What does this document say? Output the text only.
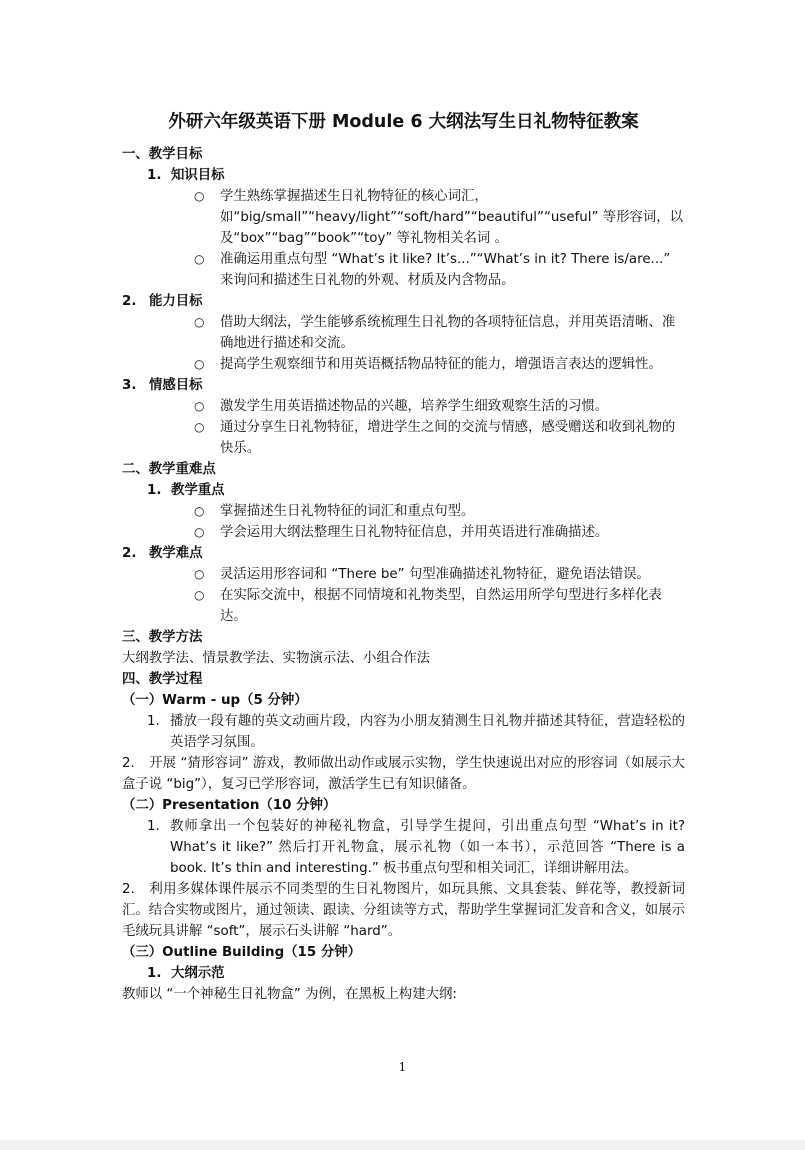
外研六年级英语下册 Module 6 大纲法写生日礼物特征教案
一、教学目标
1. 知识目标
○ 学生熟练掌握描述生日礼物特征的核心词汇，如“big/small”“heavy/light”“soft/hard”“beautiful”“useful” 等形容词，以及“box”“bag”“book”“toy” 等礼物相关名词 。
○ 准确运用重点句型 “What’s it like? It’s...”“What’s in it? There is/are...” 来询问和描述生日礼物的外观、材质及内含物品。
2. 能力目标
○ 借助大纲法，学生能够系统梳理生日礼物的各项特征信息，并用英语清晰、准确地进行描述和交流。
○ 提高学生观察细节和用英语概括物品特征的能力，增强语言表达的逻辑性。
3. 情感目标
○ 激发学生用英语描述物品的兴趣，培养学生细致观察生活的习惯。
○ 通过分享生日礼物特征，增进学生之间的交流与情感，感受赠送和收到礼物的快乐。
二、教学重难点
1. 教学重点
○ 掌握描述生日礼物特征的词汇和重点句型。
○ 学会运用大纲法整理生日礼物特征信息，并用英语进行准确描述。
2. 教学难点
○ 灵活运用形容词和 “There be” 句型准确描述礼物特征，避免语法错误。
○ 在实际交流中，根据不同情境和礼物类型，自然运用所学句型进行多样化表达。
三、教学方法
大纲教学法、情景教学法、实物演示法、小组合作法
四、教学过程
（一）Warm - up（5 分钟）
1. 播放一段有趣的英文动画片段，内容为小朋友猜测生日礼物并描述其特征，营造轻松的英语学习氛围。
2. 开展 “猜形容词” 游戏，教师做出动作或展示实物，学生快速说出对应的形容词（如展示大盒子说 “big”），复习已学形容词，激活学生已有知识储备。
（二）Presentation（10 分钟）
1. 教师拿出一个包装好的神秘礼物盒，引导学生提问，引出重点句型 “What’s in it? What’s it like?” 然后打开礼物盒，展示礼物（如一本书），示范回答 “There is a book. It’s thin and interesting.” 板书重点句型和相关词汇，详细讲解用法。
2. 利用多媒体课件展示不同类型的生日礼物图片，如玩具熊、文具套装、鲜花等，教授新词汇。结合实物或图片，通过领读、跟读、分组读等方式，帮助学生掌握词汇发音和含义，如展示毛绒玩具讲解 “soft”，展示石头讲解 “hard”。
（三）Outline Building（15 分钟）
1. 大纲示范
教师以 “一个神秘生日礼物盒” 为例，在黑板上构建大纲:
1
